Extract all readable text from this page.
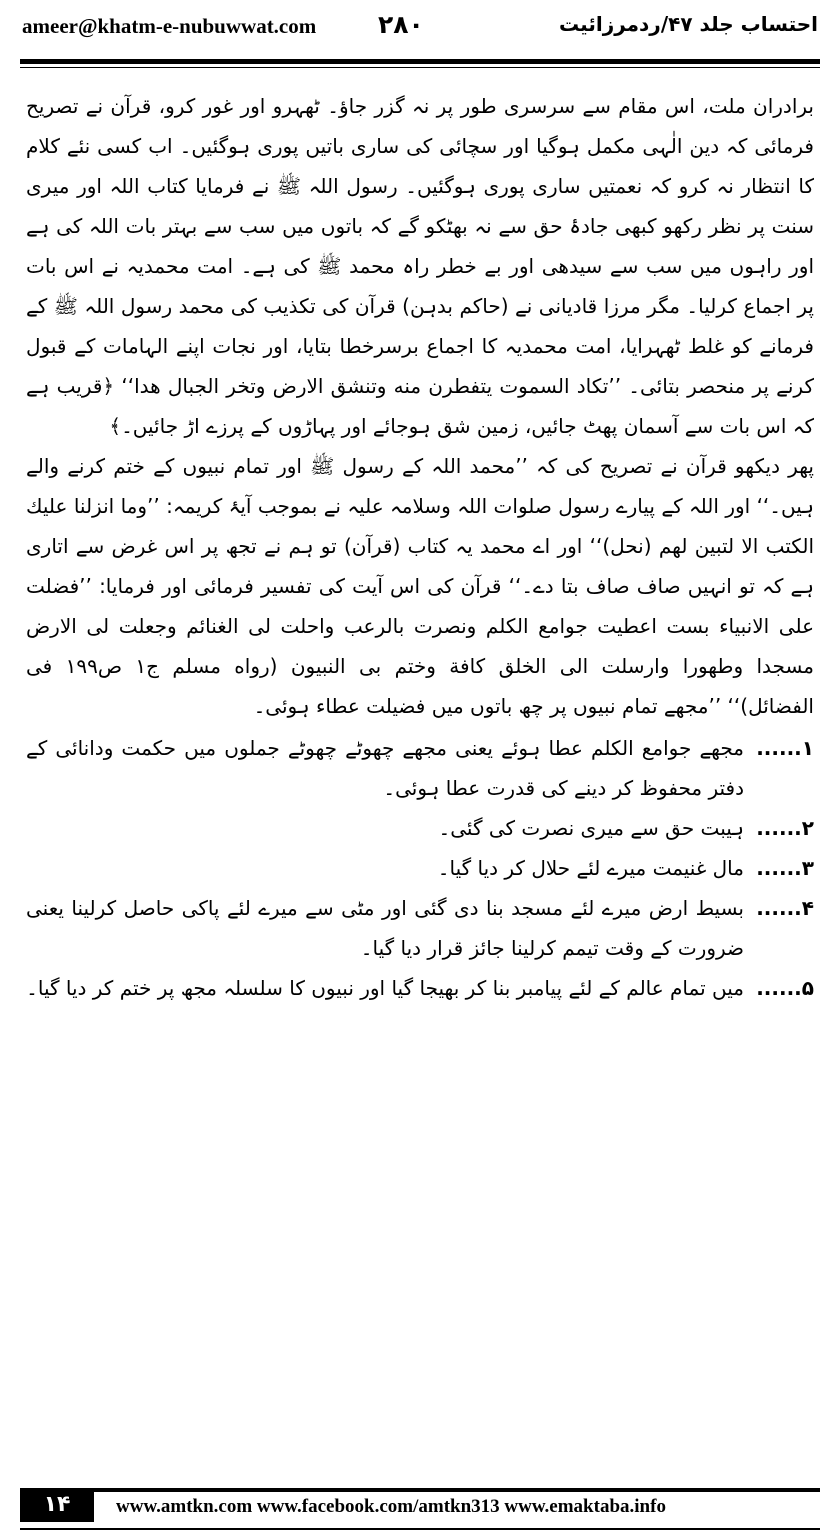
ameer@khatm-e-nubuwwat.com ۲۸۰	احتساب جلد ۴۷/ردمرزائیت

برادران ملت، اس مقام سے سرسری طور پر نہ گزر جاؤ۔ ٹھہرو اور غور کرو، قرآن نے تصریح فرمائی کہ دین الٰہی مکمل ہوگیا اور سچائی کی ساری باتیں پوری ہوگئیں۔ اب کسی نئے کلام کا انتظار نہ کرو کہ نعمتیں ساری پوری ہوگئیں۔ رسول اللہ ﷺ نے فرمایا کتاب اللہ اور میری سنت پر نظر رکھو کبھی جادۂ حق سے نہ بھٹکو گے کہ باتوں میں سب سے بہتر بات اللہ کی ہے اور راہوں میں سب سے سیدھی اور بے خطر راہ محمد ﷺ کی ہے۔ امت محمدیہ نے اس بات پر اجماع کرلیا۔ مگر مرزا قادیانی نے (حاکم بدہن) قرآن کی تکذیب کی محمد رسول اللہ ﷺ کے فرمانے کو غلط ٹھہرایا، امت محمدیہ کا اجماع برسرخطا بتایا، اور نجات اپنے الہامات کے قبول کرنے پر منحصر بتائی۔ ’’تکاد السموت یتفطرن منه وتنشق الارض وتخر الجبال هدا‘‘ ﴿قریب ہے کہ اس بات سے آسمان پھٹ جائیں، زمین شق ہوجائے اور پہاڑوں کے پرزے اڑ جائیں۔﴾

پھر دیکھو قرآن نے تصریح کی کہ ’’محمد اللہ کے رسول ﷺ اور تمام نبیوں کے ختم کرنے والے ہیں۔‘‘ اور اللہ کے پیارے رسول صلوات اللہ وسلامہ علیہ نے بموجب آیۂ کریمہ: ’’وما انزلنا علیك الكتب الا لتبين لهم (نحل)‘‘ اور اے محمد یہ کتاب (قرآن) تو ہم نے تجھ پر اس غرض سے اتاری ہے کہ تو انہیں صاف صاف بتا دے۔‘‘ قرآن کی اس آیت کی تفسیر فرمائی اور فرمایا: ’’فضلت علی الانبیاء بست اعطیت جوامع الكلم ونصرت بالرعب واحلت لی الغنائم وجعلت لی الارض مسجدا وطهورا وارسلت الی الخلق كافة وختم بی النبیون (رواه مسلم ج۱ ص۱۹۹ فی الفضائل)‘‘ ’’مجھے تمام نبیوں پر چھ باتوں میں فضیلت عطاء ہوئی۔

۱......
مجھے جوامع الکلم عطا ہوئے یعنی مجھے چھوٹے چھوٹے جملوں میں حکمت ودانائی کے دفتر محفوظ کر دینے کی قدرت عطا ہوئی۔
۲......
ہیبت حق سے میری نصرت کی گئی۔
۳......
مال غنیمت میرے لئے حلال کر دیا گیا۔
۴......
بسیط ارض میرے لئے مسجد بنا دی گئی اور مٹی سے میرے لئے پاکی حاصل کرلینا یعنی ضرورت کے وقت تیمم کرلینا جائز قرار دیا گیا۔
۵......
میں تمام عالم کے لئے پیامبر بنا کر بھیجا گیا اور نبیوں کا سلسلہ مجھ پر ختم کر دیا گیا۔
۱۴	www.amtkn.com www.facebook.com/amtkn313 www.emaktaba.info
